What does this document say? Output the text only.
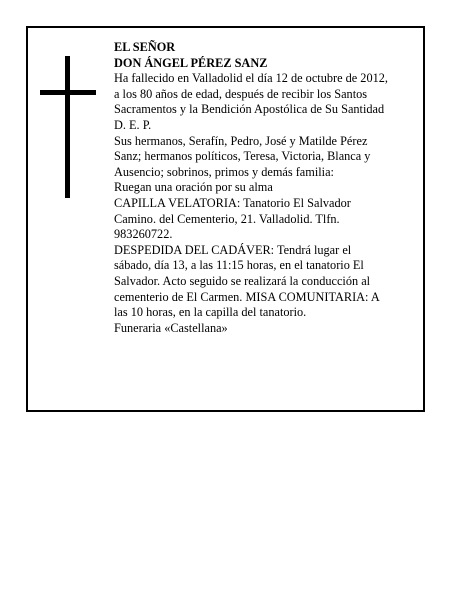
EL SEÑOR
DON ÁNGEL PÉREZ SANZ
Ha fallecido en Valladolid el día 12 de octubre de 2012,
a los 80 años de edad, después de recibir los Santos
Sacramentos y la Bendición Apostólica de Su Santidad
D. E. P.
Sus hermanos, Serafín, Pedro, José y Matilde Pérez
Sanz; hermanos políticos, Teresa, Victoria, Blanca y
Ausencio; sobrinos, primos y demás familia:
Ruegan una oración por su alma
CAPILLA VELATORIA: Tanatorio El Salvador
Camino. del Cementerio, 21. Valladolid. Tlfn.
983260722.
DESPEDIDA DEL CADÁVER: Tendrá lugar el
sábado, día 13, a las 11:15 horas, en el tanatorio El
Salvador. Acto seguido se realizará la conducción al
cementerio de El Carmen. MISA COMUNITARIA: A
las 10 horas, en la capilla del tanatorio.
Funeraria «Castellana»
